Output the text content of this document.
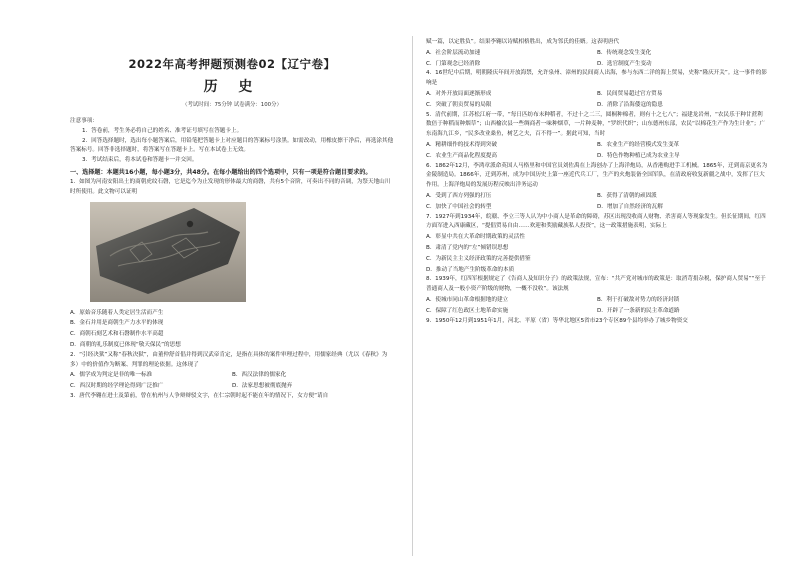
2022年高考押题预测卷02【辽宁卷】

历 史

（考试时间：75分钟 试卷满分：100分）

注意事项：

1．答卷前，考生务必将自己的姓名、准考证号填写在答题卡上。

2．回答选择题时，选出每小题答案后，用铅笔把答题卡上对应题目的答案标号涂黑。如需改动，用橡皮擦干净后，再选涂其他答案标号。回答非选择题时，将答案写在答题卡上。写在本试卷上无效。

3．考试结束后，将本试卷和答题卡一并交回。

一、选择题：本题共16小题，每小题3分，共48分。在每小题给出的四个选项中，只有一项是符合题目要求的。

1．如图为河南安阳出土的商朝虎纹石磬，它是迄今为止发现的形体最大的商磬，共有5个音阶，可奏出不同的音调，为祭天地山川时所使用。此文物可以证明

A．原始音乐随着人类定居生活而产生
B．金石并用是商朝生产力水平的体现
C．商朝石刻艺术和石磬制作水平高超
D．商朝的礼乐制度已体现“敬天保民”的思想

2．“引经决狱”又称“春秋决狱”，由董仲舒首倡并得到汉武帝肯定，是指在具体的案件审理过程中，用儒家经典（尤以《春秋》为多）中的价值作为断案、判罪的理论依据。这体现了

A．儒学成为判定是非的唯一标准	B．西汉法律的儒家化
C．西汉时期的经学理论得到广泛推广	D．法家思想被彻底抛弃

3．唐代李翱在进士及第前，曾在杭州与人争辩辩驳文字，在仁宗朝时起不能在年的情况下，女方便“请自

赋一篇，以定胜负”。结果李翱以诗赋相格胜出，成为邻氏的佳婿。这表明唐代

A．社会阶层流动加速	B．传统观念发生变化
C．门第观念已经消除	D．选官制度产生变动

4．16世纪中后期，明朝隆庆年间开放海禁，允许泉州、漳州的民间商人出海，参与东西二洋的海上贸易，史称“隆庆开关”。这一事件的影响是

A．对外开放局面逐渐形成	B．民间贸易超过官方贸易
C．突破了朝贡贸易的局限	D．消除了沿海倭寇的隐患

5．清代前期，江苏松江府一带，“每日匹纺布未种稻者，不过十之二三，圆桐种棉者，则有十之七八”；福建龙岩州，“农民乐于种甘蔗利数倍于种稻而种烟草”；山西榆次县一些绸商者一味种烟草，一片种麦种，“罗织代织”；山东德州东部，农民“以棉花生产作为生计业”；广东南海九江乡，“民多改业桑鱼，树艺之夫，百不得一”。据此可知，当时

A．精耕细作的技术得到突破	B．农业生产的经营模式发生变革
C．农业生产商品化程度提高	D．特色作物种植已成为农业主导

6．1862年12月，李鸿章派命英国人马格里和中国官员刘佐禹在上海创办了上海洋炮局，从香港购进手工机械。1865年，迁到南京更名为金陵制造局。1866年，迁到苏州，成为中国历史上第一座近代兵工厂，生产的火炮装备全国军队，在清政府收复新疆之战中，发挥了巨大作用。上海洋炮局的发展历程反映出洋务运动

A．受到了西方列强的打压	B．获得了清朝的顽固派
C．加快了中国社会的转型	D．增加了自然经济的瓦解

7．1927年到1934年，皖赣、李立三等人认为中小商人是革命的障碍，苏区出现没收商人财物、杀害商人等现象发生。但长征期间，红四方面军进入西康藏区，“提倡贸易自由……欢迎和奖励藏族私人投资”，这一政策措施表明，实际上

A．彰显中共在大革命时期政策的灵活性
B．肃清了党内的“左”倾错误思想
C．为新民主主义经济政策的完善提供借鉴
D．推动了当地产生阶级革命的本质

8．1939年，红四军根据规定了《告商人及知识分子》的政策法规，宣布：“共产党对城市的政策是：取消苛捐杂税，保护商人贸易”“至于普通商人及一般小资产阶级的财物，一概不没收”。该法规

A．使城市同山革命根据地的建立	B．利于打破敌对势力的经济封锁
C．保障了红色政区土地革命实施	D．开辟了一条新的民主革命道路

9．1950年12月到1951年1月，河北、平原（省）等华北地区5省市23个专区89个县均举办了城乡物资交
